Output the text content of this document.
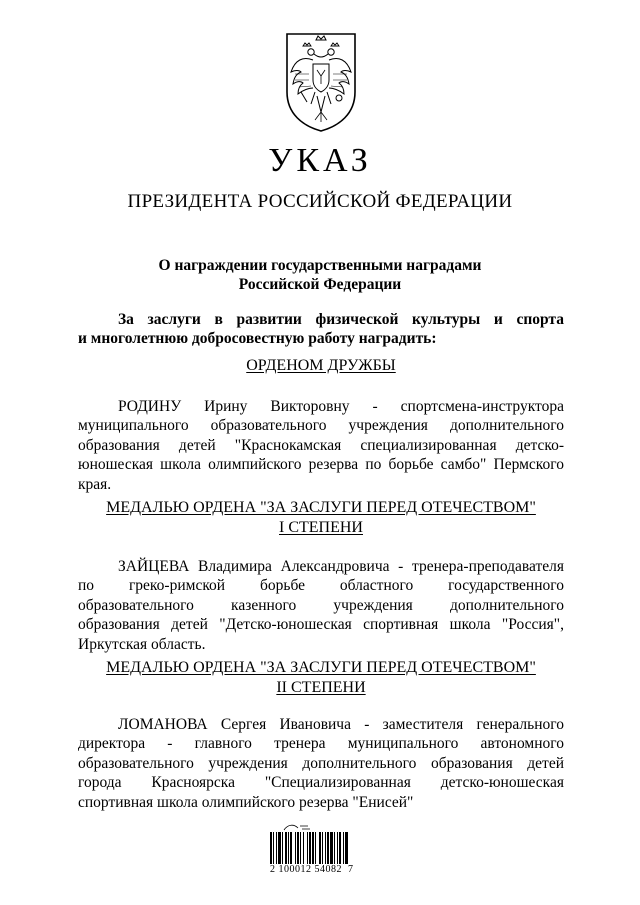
УКАЗ
ПРЕЗИДЕНТА РОССИЙСКОЙ ФЕДЕРАЦИИ
О награждении государственными наградами
Российской Федерации
За заслуги в развитии физической культуры и спорта
и многолетнюю добросовестную работу наградить:
ОРДЕНОМ ДРУЖБЫ
РОДИНУ Ирину Викторовну - спортсмена-инструктора
муниципального образовательного учреждения дополнительного
образования детей "Краснокамская специализированная детско-
юношеская школа олимпийского резерва по борьбе самбо" Пермского
края.
МЕДАЛЬЮ ОРДЕНА "ЗА ЗАСЛУГИ ПЕРЕД ОТЕЧЕСТВОМ"
I СТЕПЕНИ
ЗАЙЦЕВА Владимира Александровича - тренера-преподавателя
по греко-римской борьбе областного государственного
образовательного казенного учреждения дополнительного
образования детей "Детско-юношеская спортивная школа "Россия",
Иркутская область.
МЕДАЛЬЮ ОРДЕНА "ЗА ЗАСЛУГИ ПЕРЕД ОТЕЧЕСТВОМ"
II СТЕПЕНИ
ЛОМАНОВА Сергея Ивановича - заместителя генерального
директора - главного тренера муниципального автономного
образовательного учреждения дополнительного образования детей
города Красноярска "Специализированная детско-юношеская
спортивная школа олимпийского резерва "Енисей"
2 100012 54082  7
